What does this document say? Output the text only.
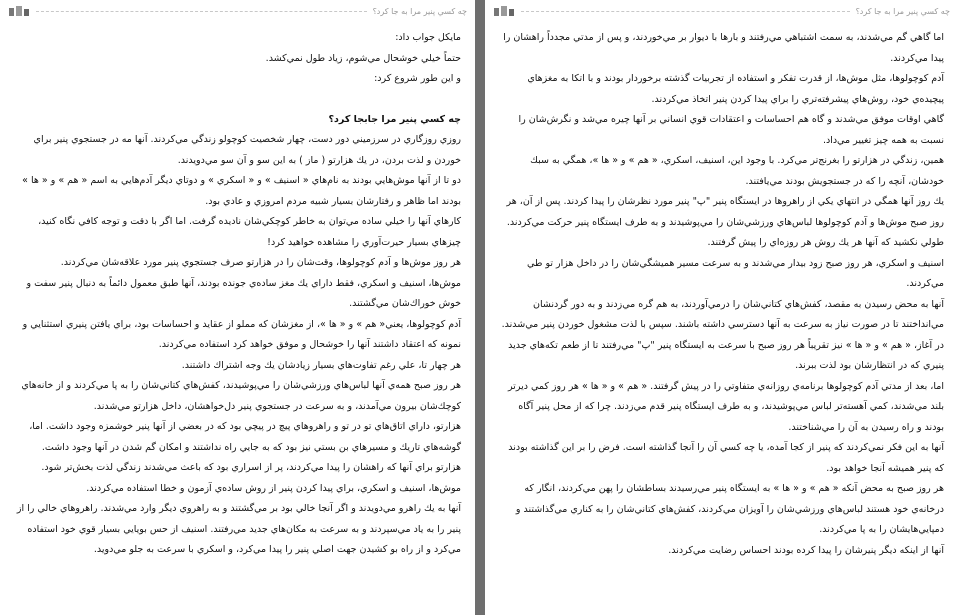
چه كسي پنير مرا به جا كرد؟

مايكل جواب داد:

حتماً خيلي خوشحال مي‌شوم، زياد طول نمي‌كشد.

و اين طور شروع كرد:

چه كسي پنير مرا جابجا كرد؟

روزي روزگاري در سرزميني دور دست، چهار شخصيت كوچولو زندگي مي‌كردند. آنها مه در جستجوي پنير براي خوردن و لذت بردن، در يك هزارتو ( ماز ) به اين سو و آن سو مي‌دويدند.

دو تا از آنها موش‌هايي بودند به نام‌هاي « اسنيف » و « اسكري » و دوتاي ديگر آدم‌هايي به اسم « هم » و « ها » بودند اما ظاهر و رفتارشان بسيار شبيه مردم امروزي و عادي بود.

كارهاي آنها را خيلي ساده مي‌توان به خاطر كوچكي‌شان ناديده گرفت. اما اگر با دقت و توجه كافي نگاه كنيد، چيزهاي بسيار حيرت‌آوري را مشاهده خواهيد كرد!

هر روز موش‌ها و آدم كوچولوها، وقت‌شان را در هزارتو صرف جستجوي پنير مورد علاقه‌شان مي‌كردند.

موش‌ها، اسنيف و اسكري، فقط داراي يك مغز ساده‌ي جونده بودند، آنها طبق معمول دائماً به دنبال پنير سفت و خوش خوراك‌شان مي‌گشتند.

آدم كوچولوها، يعني« هم » و « ها »، از مغزشان كه مملو از عقايد و احساسات بود، براي يافتن پنيري استثنايي و نمونه كه اعتقاد داشتند آنها را خوشحال و موفق خواهد كرد استفاده مي‌كردند.

هر چهار تا، علي رغم تفاوت‌هاي بسيار زيادشان يك وجه اشتراك داشتند.

هر روز صبح همه‌ي آنها لباس‌هاي ورزشي‌شان را مي‌پوشيدند، كفش‌هاي كتاني‌شان را به پا مي‌كردند و از خانه‌هاي كوچك‌شان بيرون مي‌آمدند، و به سرعت در جستجوي پنير دل‌خواهشان، داخل هزارتو مي‌شدند.

هزارتو، داراي اتاق‌هاي تو در تو و راهروهاي پيچ در پيچي بود كه در بعضي از آنها پنير خوشمزه وجود داشت. اما، گوشه‌هاي تاريك و مسيرهاي بن بستي نيز بود كه به جايي راه نداشتند و امكان گم شدن در آنها وجود داشت.

هزارتو براي آنها كه راهشان را پيدا مي‌كردند، پر از اسراري بود كه باعث مي‌شدند زندگي لذت بخش‌تر شود.

موش‌ها، اسنيف و اسكري، براي پيدا كردن پنير از روش ساده‌ي آزمون و خطا استفاده مي‌كردند.

آنها به يك راهرو مي‌دويدند و اگر آنجا خالي بود بر مي‌گشتند و به راهروي ديگر وارد مي‌شدند. راهروهاي خالي را از پنير را به ياد مي‌سپردند و به سرعت به مكان‌هاي جديد مي‌رفتند. اسنيف از حس بويايي بسيار قوي خود استفاده مي‌كرد و از راه بو كشيدن جهت اصلي پنير را پيدا مي‌كرد، و اسكري با سرعت به جلو مي‌دويد.

چه كسي پنير مرا به جا كرد؟

اما گاهي گم مي‌شدند، به سمت اشتباهي مي‌رفتند و بارها با ديوار بر مي‌خوردند، و پس از مدتي مجدداً راهشان را پيدا مي‌كردند.

آدم كوچولوها، مثل موش‌ها، از قدرت تفكر و استفاده از تجربيات گذشته برخوردار بودند و با اتكا به مغزهاي پيچيده‌ي خود، روش‌هاي پيشرفته‌تري را براي پيدا كردن پنير اتخاذ مي‌كردند.

گاهي اوقات موفق مي‌شدند و گاه هم احساسات و اعتقادات قوي انساني بر آنها چيره مي‌شد و نگرش‌شان را نسبت به همه چيز تغيير مي‌داد.

همين، زندگي در هزارتو را بغرنج‌تر مي‌كرد. با وجود اين، اسنيف، اسكري، « هم » و « ها »، همگي به سبك خودشان، آنچه را كه در جستجويش بودند مي‌يافتند.

يك روز آنها همگي در انتهاي يكي از راهروها در ايستگاه پنير "پ" پنير مورد نظرشان را پيدا كردند. پس از آن، هر روز صبح موش‌ها و آدم كوچولوها لباس‌هاي ورزشي‌شان را مي‌پوشيدند و به طرف ايستگاه پنير حركت مي‌كردند.

طولي نكشيد كه آنها هر يك روش هر روزه‌اي را پيش گرفتند.

اسنيف و اسكري، هر روز صبح زود بيدار مي‌شدند و به سرعت مسير هميشگي‌شان را در داخل هزار تو طي مي‌كردند.

آنها به محض رسيدن به مقصد، كفش‌هاي كتاني‌شان را درمي‌آوردند، به هم گره مي‌زدند و به دور گردنشان مي‌انداختند تا در صورت نياز به سرعت به آنها دسترسي داشته باشند. سپس با لذت مشغول خوردن پنير مي‌شدند.

در آغاز، « هم » و « ها » نيز تقريباً هر روز صبح با سرعت به ايستگاه پنير "پ" مي‌رفتند تا از طعم تكه‌هاي جديد پنيري كه در انتظارشان بود لذت ببرند.

اما، بعد از مدتي آدم كوچولوها برنامه‌ي روزانه‌ي متفاوتي را در پيش گرفتند. « هم » و « ها » هر روز كمي ديرتر بلند مي‌شدند، كمي آهسته‌تر لباس مي‌پوشيدند، و به طرف ايستگاه پنير قدم مي‌زدند. چرا كه از محل پنير آگاه بودند و راه رسيدن به آن را مي‌شناختند.

آنها به اين فكر نمي‌كردند كه پنير از كجا آمده، يا چه كسي آن را آنجا گذاشته است. فرض را بر اين گذاشته بودند كه پنير هميشه آنجا خواهد بود.

هر روز صبح به محض آنكه « هم » و « ها » به ايستگاه پنير مي‌رسيدند بساطشان را پهن مي‌كردند، انگار كه درخانه‌ي خود هستند لباس‌هاي ورزشي‌شان را آويزان مي‌كردند، كفش‌هاي كتاني‌شان را به كناري مي‌گذاشتند و دمپايي‌هايشان را به پا مي‌كردند.

آنها از اينكه ديگر پنيرشان را پيدا كرده بودند احساس رضايت مي‌كردند.
